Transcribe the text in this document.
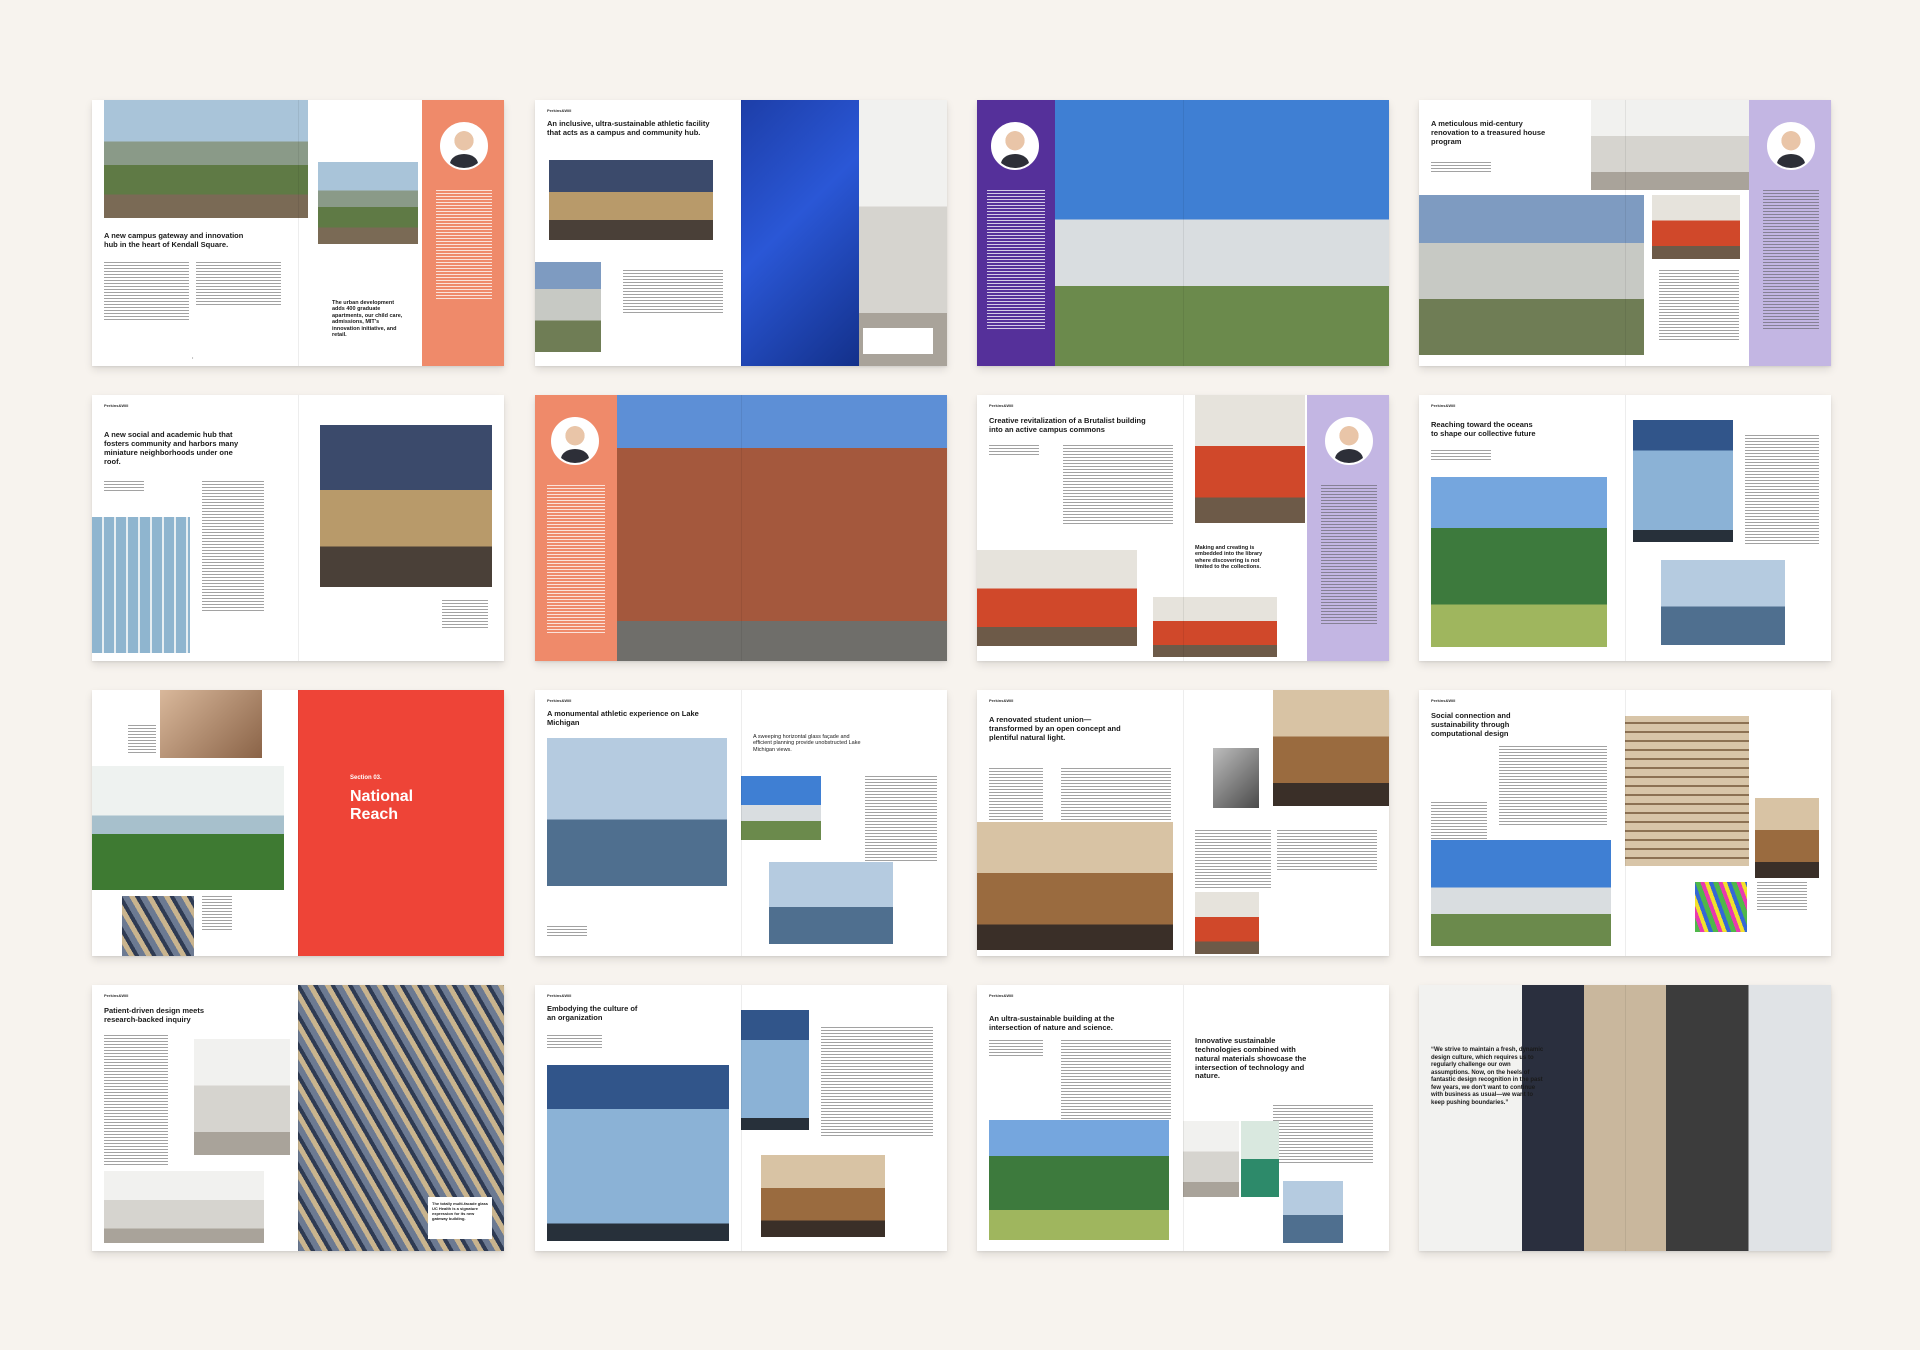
A new campus gateway and innovation hub in the heart of Kendall Square.
The urban development adds 400 graduate apartments, our child care, admissions, MIT's innovation initiative, and retail.
•
Perkins&Will
An inclusive, ultra-sustainable athletic facility that acts as a campus and community hub.
A meticulous mid-century renovation to a treasured house program
Perkins&Will
A new social and academic hub that fosters community and harbors many miniature neighborhoods under one roof.
Perkins&Will
Creative revitalization of a Brutalist building into an active campus commons
Making and creating is embedded into the library where discovering is not limited to the collections.
Perkins&Will
Reaching toward the oceans to shape our collective future
Section 03.
National Reach
Perkins&Will
A monumental athletic experience on Lake Michigan
A sweeping horizontal glass façade and efficient planning provide unobstructed Lake Michigan views.
Perkins&Will
A renovated student union—transformed by an open concept and plentiful natural light.
Perkins&Will
Social connection and sustainability through computational design
Perkins&Will
Patient-driven design meets research-backed inquiry
The totally multi-facade glass UC Health is a signature expression for its new gateway building.
Perkins&Will
Embodying the culture of an organization
Perkins&Will
An ultra-sustainable building at the intersection of nature and science.
Innovative sustainable technologies combined with natural materials showcase the intersection of technology and nature.
“We strive to maintain a fresh, dynamic design culture, which requires us to regularly challenge our own assumptions. Now, on the heels of fantastic design recognition in the past few years, we don't want to continue with business as usual—we want to keep pushing boundaries.”
